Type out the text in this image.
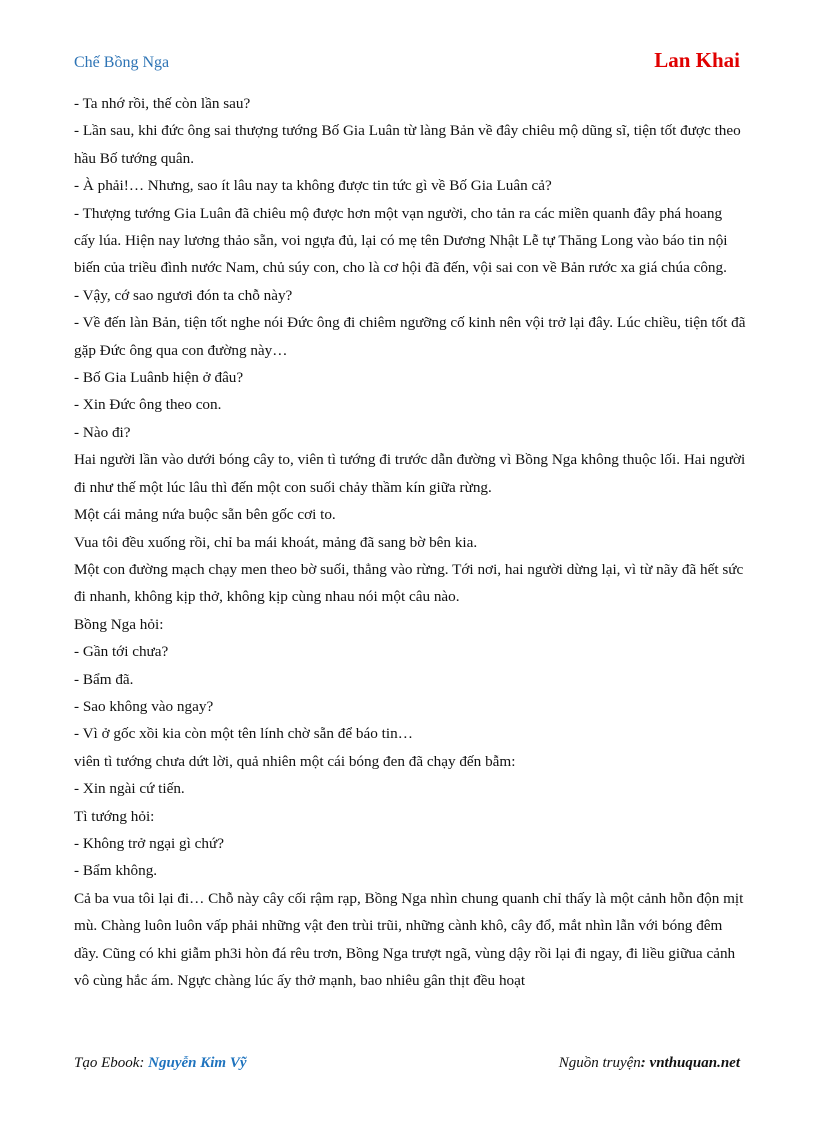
Chế Bồng Nga	Lan Khai

- Ta nhớ rồi, thế còn lần sau?

- Lần sau, khi đức ông sai thượng tướng Bố Gia Luân từ làng Bản về đây chiêu mộ dũng sĩ, tiện tốt được theo hầu Bố tướng quân.

- À phải!… Nhưng, sao ít lâu nay ta không được tin tức gì về Bố Gia Luân cả?

- Thượng tướng Gia Luân đã chiêu mộ được hơn một vạn người, cho tản ra các miền quanh đây phá hoang cấy lúa. Hiện nay lương thảo sẵn, voi ngựa đủ, lại có mẹ tên Dương Nhật Lễ tự Thăng Long vào báo tin nội biến của triều đình nước Nam, chủ súy con, cho là cơ hội đã đến, vội sai con về Bản rước xa giá chúa công.

- Vậy, cớ sao ngươi đón ta chỗ này?

- Về đến làn Bản, tiện tốt nghe nói Đức ông đi chiêm ngưỡng cố kinh nên vội trở lại đây. Lúc chiều, tiện tốt đã gặp Đức ông qua con đường này…

- Bố Gia Luânb hiện ở đâu?

- Xin Đức ông theo con.

- Nào đi?

Hai người lần vào dưới bóng cây to, viên tì tướng đi trước dẫn đường vì Bồng Nga không thuộc lối. Hai người đi như thế một lúc lâu thì đến một con suối chảy thầm kín giữa rừng.

Một cái mảng nứa buộc sẵn bên gốc cơi to.

Vua tôi đều xuống rồi, chỉ ba mái khoát, mảng đã sang bờ bên kia.

Một con đường mạch chạy men theo bờ suối, thẳng vào rừng. Tới nơi, hai người dừng lại, vì từ nãy đã hết sức đi nhanh, không kịp thở, không kịp cùng nhau nói một câu nào.

Bồng Nga hỏi:

- Gần tới chưa?

- Bẩm đã.

- Sao không vào ngay?

- Vì ở gốc xồi kia còn một tên lính chờ sẵn để báo tin…

viên tì tướng chưa dứt lời, quả nhiên một cái bóng đen đã chạy đến bẫm:

- Xin ngài cứ tiến.

Tì tướng hỏi:

- Không trở ngại gì chứ?

- Bẩm không.

Cả ba vua tôi lại đi… Chỗ này cây cối rậm rạp, Bồng Nga nhìn chung quanh chỉ thấy là một cảnh hỗn độn mịt mù. Chàng luôn luôn vấp phải những vật đen trùi trũi, những cành khô, cây đổ, mắt nhìn lẫn với bóng đêm dầy. Cũng có khi giẫm ph3i hòn đá rêu trơn, Bồng Nga trượt ngã, vùng dậy rồi lại đi ngay, đi liều giữua cảnh vô cùng hắc ám. Ngực chàng lúc ấy thở mạnh, bao nhiêu gân thịt đều hoạt

Tạo Ebook: Nguyễn Kim Vỹ	Nguồn truyện: vnthuquan.net
